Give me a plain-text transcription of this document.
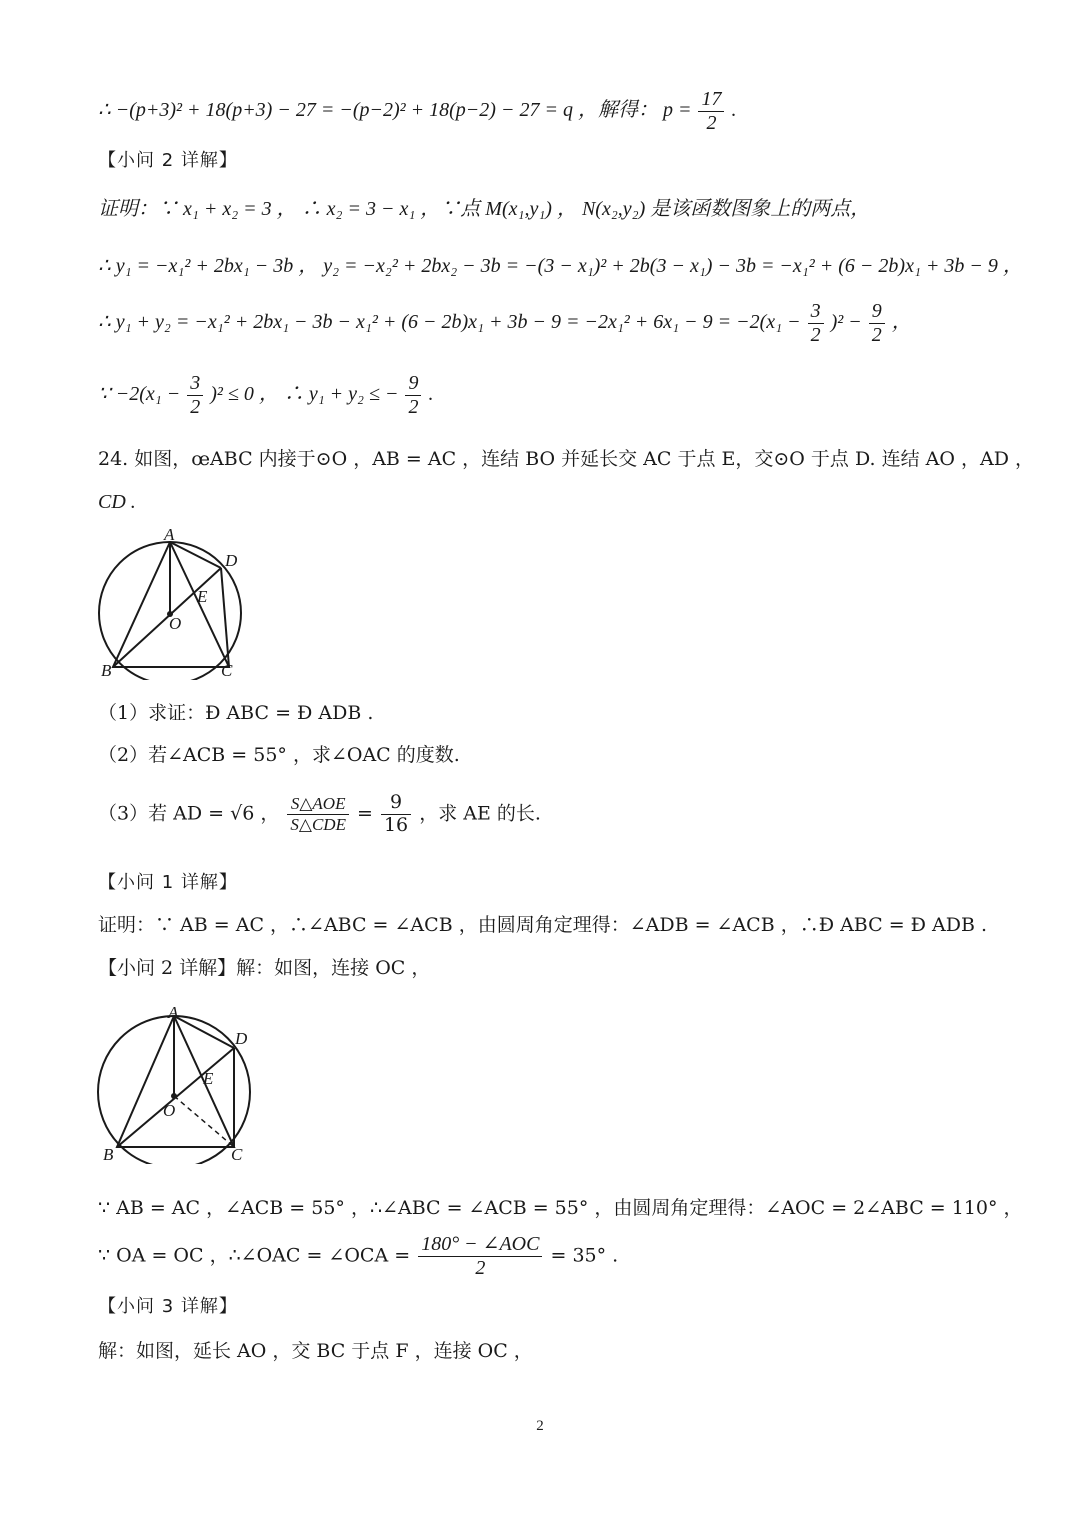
∴ −(p+3)² + 18(p+3) − 27 = −(p−2)² + 18(p−2) − 27 = q ，解得： $p = \frac{17}{2}$ .
【小问 2 详解】
证明：∵ x₁ + x₂ = 3 ， ∴ x₂ = 3 − x₁ ，∵点 M(x₁,y₁) ， N(x₂,y₂) 是该函数图象上的两点，
∴ y₁ = −x₁² + 2bx₁ − 3b ， y₂ = −x₂² + 2bx₂ − 3b = −(3 − x₁)² + 2b(3 − x₁) − 3b = −x₁² + (6 − 2b)x₁ + 3b − 9 ，
∴ $y_1 + y_2 = -x_1^2 + 2bx_1 - 3b - x_1^2 + (6 - 2b)x_1 + 3b - 9 = -2x_1^2 + 6x_1 - 9 = -2(x_1 - \frac{3}{2} )^2 - \frac{9}{2}$ ，
∵ $-2(x_1 - \frac{3}{2} )^2 \le 0$ ， ∴ y₁ + y₂ ≤ − $\frac{9}{2}$ .
24. 如图，œABC 内接于⊙O ，AB = AC ，连结 BO 并延长交 AC 于点 E，交⊙O 于点 D. 连结 AO ，AD ，
CD .
A
D
E
O
B	C
（1）求证：Ð ABC = Ð ADB .
（2）若∠ACB = 55° ，求∠OAC 的度数.
（3）若 AD = √6 ， $\frac{\text{S△AOE}}{\text{S△CDE}} = \frac{9}{16}$ ，求 AE 的长.
【小问 1 详解】
证明：∵ AB = AC ，∴∠ABC = ∠ACB ，由圆周角定理得：∠ADB = ∠ACB ，∴Ð ABC = Ð ADB .
【小问 2 详解】解：如图，连接 OC ，
A
D
E
O
B	C
∵ AB = AC ，∠ACB = 55° ，∴∠ABC = ∠ACB = 55° ，由圆周角定理得：∠AOC = 2∠ABC = 110° ，
∵ OA = OC ，∴∠OAC = ∠OCA = $\frac{\text{180° − ∠AOC}}{2} = 35^\circ$ .
【小问 3 详解】
解：如图，延长 AO ，交 BC 于点 F ，连接 OC ，
2
